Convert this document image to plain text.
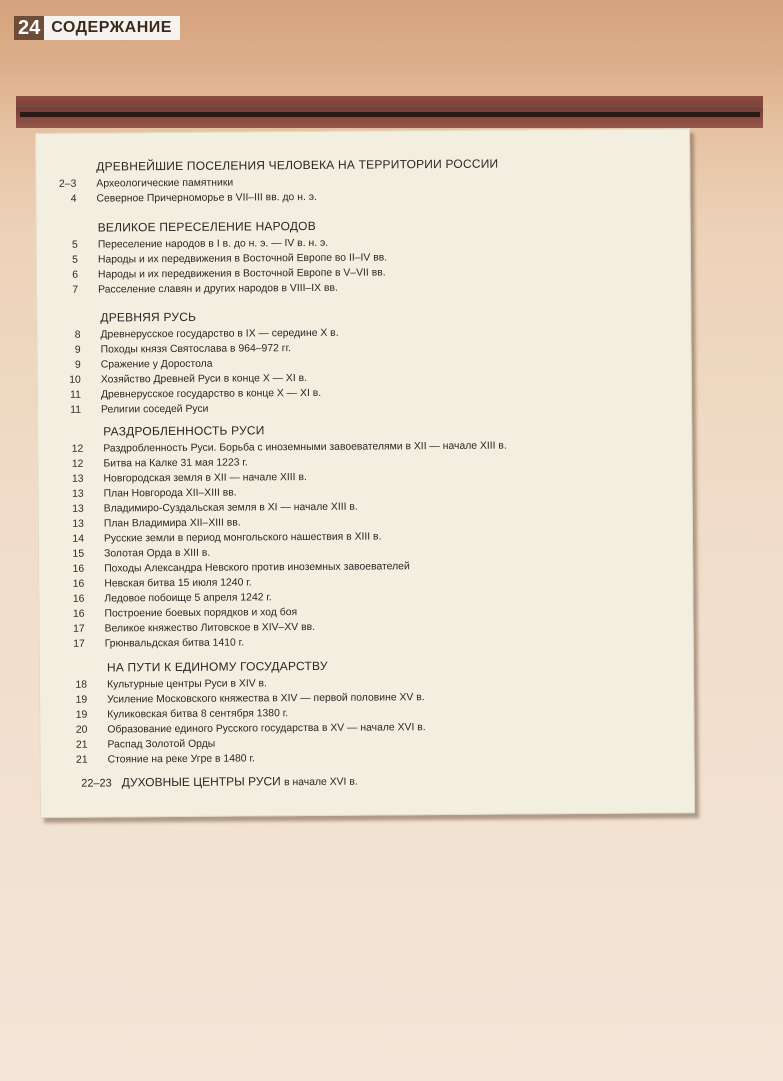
24 СОДЕРЖАНИЕ
ДРЕВНЕЙШИЕ ПОСЕЛЕНИЯ ЧЕЛОВЕКА НА ТЕРРИТОРИИ РОССИИ
2–3 Археологические памятники
4 Северное Причерноморье в VII–III вв. до н. э.
ВЕЛИКОЕ ПЕРЕСЕЛЕНИЕ НАРОДОВ
5 Переселение народов в I в. до н. э. — IV в. н. э.
5 Народы и их передвижения в Восточной Европе во II–IV вв.
6 Народы и их передвижения в Восточной Европе в V–VII вв.
7 Расселение славян и других народов в VIII–IX вв.
ДРЕВНЯЯ РУСЬ
8 Древнерусское государство в IX — середине X в.
9 Походы князя Святослава в 964–972 гг.
9 Сражение у Доростола
10 Хозяйство Древней Руси в конце X — XI в.
11 Древнерусское государство в конце X — XI в.
11 Религии соседей Руси
РАЗДРОБЛЕННОСТЬ РУСИ
12 Раздробленность Руси. Борьба с иноземными завоевателями в XII — начале XIII в.
12 Битва на Калке 31 мая 1223 г.
13 Новгородская земля в XII — начале XIII в.
13 План Новгорода XII–XIII вв.
13 Владимиро-Суздальская земля в XI — начале XIII в.
13 План Владимира XII–XIII вв.
14 Русские земли в период монгольского нашествия в XIII в.
15 Золотая Орда в XIII в.
16 Походы Александра Невского против иноземных завоевателей
16 Невская битва 15 июля 1240 г.
16 Ледовое побоище 5 апреля 1242 г.
16 Построение боевых порядков и ход боя
17 Великое княжество Литовское в XIV–XV вв.
17 Грюнвальдская битва 1410 г.
НА ПУТИ К ЕДИНОМУ ГОСУДАРСТВУ
18 Культурные центры Руси в XIV в.
19 Усиление Московского княжества в XIV — первой половине XV в.
19 Куликовская битва 8 сентября 1380 г.
20 Образование единого Русского государства в XV — начале XVI в.
21 Распад Золотой Орды
21 Стояние на реке Угре в 1480 г.
22–23 ДУХОВНЫЕ ЦЕНТРЫ РУСИ в начале XVI в.
